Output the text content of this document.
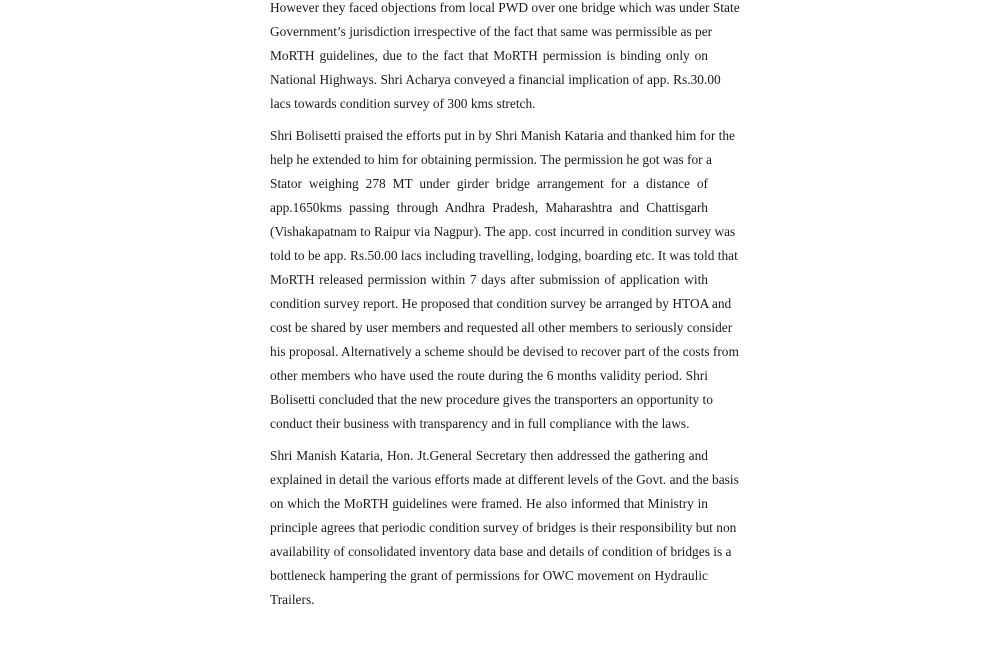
However they faced objections from local PWD over one bridge which was under State
Government’s jurisdiction irrespective of the fact that same was permissible as per
MoRTH guidelines, due to the fact that MoRTH permission is binding only on
National Highways. Shri Acharya conveyed a financial implication of app. Rs.30.00
lacs towards condition survey of 300 kms stretch.

Shri Bolisetti praised the efforts put in by Shri Manish Kataria and thanked him for the
help he extended to him for obtaining permission. The permission he got was for a
Stator weighing 278 MT under girder bridge arrangement for a distance of
app.1650kms passing through Andhra Pradesh, Maharashtra and Chattisgarh
(Vishakapatnam to Raipur via Nagpur). The app. cost incurred in condition survey was
told to be app. Rs.50.00 lacs including travelling, lodging, boarding etc. It was told that
MoRTH released permission within 7 days after submission of application with
condition survey report. He proposed that condition survey be arranged by HTOA and
cost be shared by user members and requested all other members to seriously consider
his proposal. Alternatively a scheme should be devised to recover part of the costs from
other members who have used the route during the 6 months validity period. Shri
Bolisetti concluded that the new procedure gives the transporters an opportunity to
conduct their business with transparency and in full compliance with the laws.

Shri Manish Kataria, Hon. Jt.General Secretary then addressed the gathering and
explained in detail the various efforts made at different levels of the Govt. and the basis
on which the MoRTH guidelines were framed. He also informed that Ministry in
principle agrees that periodic condition survey of bridges is their responsibility but non
availability of consolidated inventory data base and details of condition of bridges is a
bottleneck hampering the grant of permissions for OWC movement on Hydraulic
Trailers.
